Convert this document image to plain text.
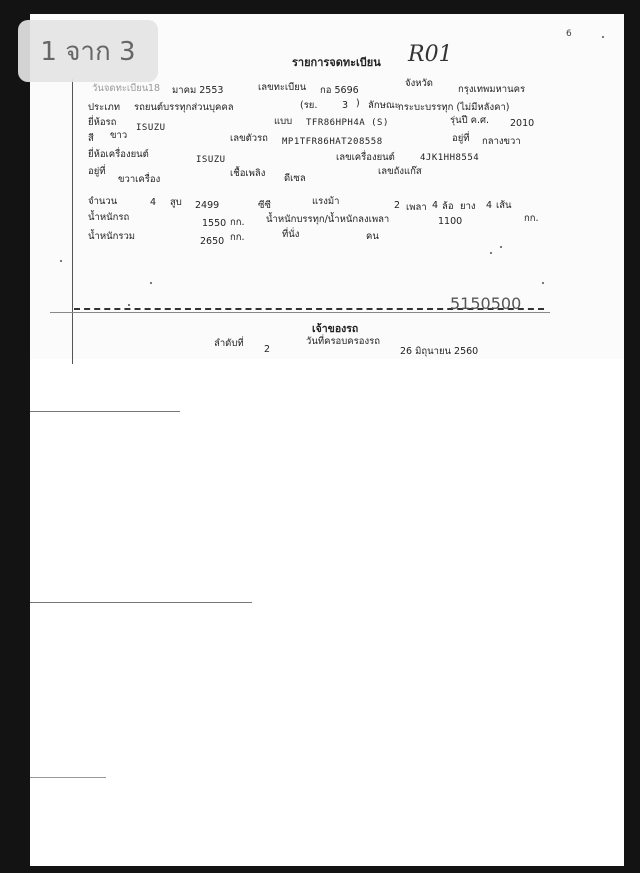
6
รายการจดทะเบียน R01
วันจดทะเบียน 18 มาคม 2553	เลขทะเบียน กอ 5696
จังหวัด
กรุงเทพมหานคร
ประเภท รถยนต์บรรทุกส่วนบุคคล	(รย.	3 ) ลักษณะ
กระบะบรรทุก (ไม่มีหลังคา)
ยี่ห้อรถ ISUZU
แบบ TFR86HPH4A (S)	รุ่นปี ค.ศ. 2010
สี ขาว	เลขตัวรถ MP1TFR86HAT208558	อยู่ที่ กลางขวา
ยี่ห้อเครื่องยนต์	ISUZU	เลขเครื่องยนต์	4JK1HH8554
อยู่ที่
ขวาเครื่อง
เชื้อเพลิง ดีเซล
เลขถังแก๊ส
จำนวน	4 สูบ 2499	ซีซี	แรงม้า	2 เพลา 4 ล้อ ยาง 4 เส้น
น้ำหนักรถ
1550 กก. น้ำหนักบรรทุก/น้ำหนักลงเพลา	1100	กก.
น้ำหนักรวม	2650 กก.	ที่นั่ง	คน
5150500
เจ้าของรถ
ลำดับที่
2
วันที่ครอบครองรถ
26 มิถุนายน 2560
1 จาก 3
